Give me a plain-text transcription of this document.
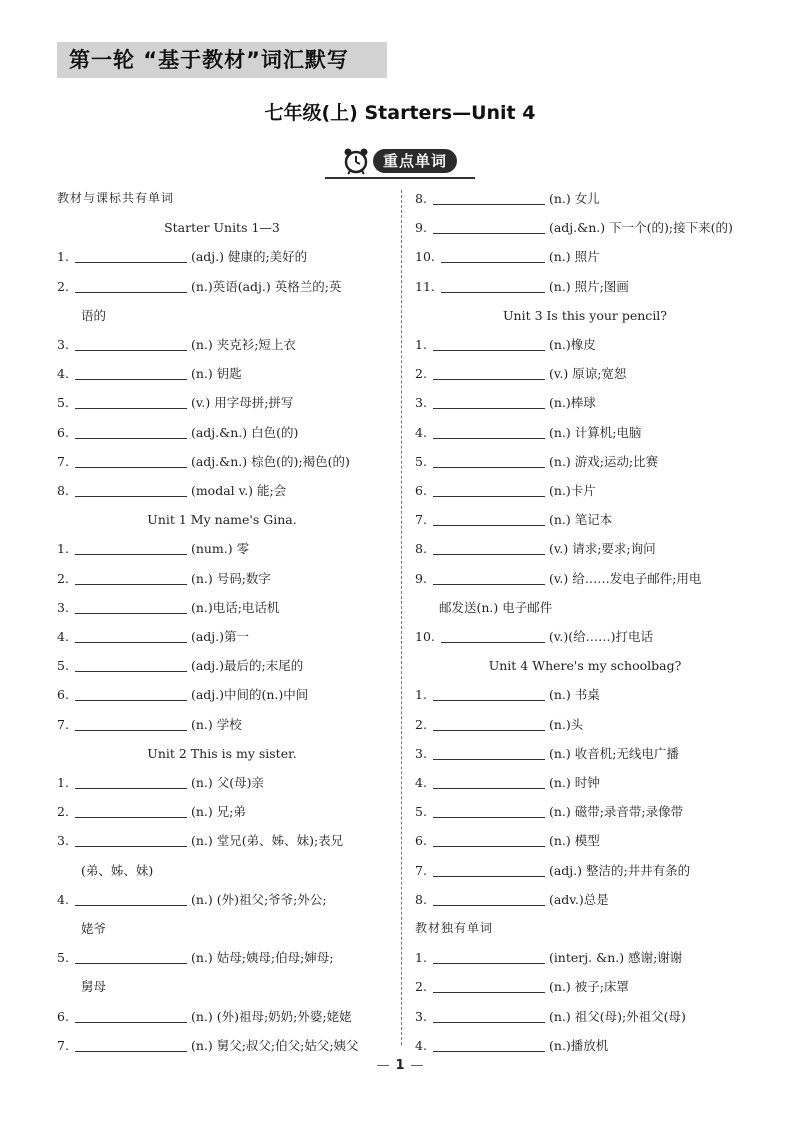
第一轮 “基于教材”词汇默写
七年级(上) Starters—Unit 4
重点单词
教材与课标共有单词
Starter Units 1—3
1.	(adj.) 健康的;美好的
2.	(n.)英语(adj.) 英格兰的;英
语的
3.	(n.) 夹克衫;短上衣
4.	(n.) 钥匙
5.	(v.) 用字母拼;拼写
6.	(adj.&n.) 白色(的)
7.	(adj.&n.) 棕色(的);褐色(的)
8.	(modal v.) 能;会
Unit 1 My name's Gina.
1.	(num.) 零
2.	(n.) 号码;数字
3.	(n.)电话;电话机
4.	(adj.)第一
5.	(adj.)最后的;末尾的
6.	(adj.)中间的(n.)中间
7.	(n.) 学校
Unit 2 This is my sister.
1.	(n.) 父(母)亲
2.	(n.) 兄;弟
3.	(n.) 堂兄(弟、姊、妹);表兄
(弟、姊、妹)
4.	(n.) (外)祖父;爷爷;外公;
姥爷
5.	(n.) 姑母;姨母;伯母;婶母;
舅母
6.	(n.) (外)祖母;奶奶;外婆;姥姥
7.	(n.) 舅父;叔父;伯父;姑父;姨父
8.	(n.) 女儿
9.	(adj.&n.) 下一个(的);接下来(的)
10.	(n.) 照片
11.	(n.) 照片;图画
Unit 3 Is this your pencil?
1.	(n.)橡皮
2.	(v.) 原谅;宽恕
3.	(n.)棒球
4.	(n.) 计算机;电脑
5.	(n.) 游戏;运动;比赛
6.	(n.)卡片
7.	(n.) 笔记本
8.	(v.) 请求;要求;询问
9.	(v.) 给……发电子邮件;用电
邮发送(n.) 电子邮件
10.	(v.)(给……)打电话
Unit 4 Where's my schoolbag?
1.	(n.) 书桌
2.	(n.)头
3.	(n.) 收音机;无线电广播
4.	(n.) 时钟
5.	(n.) 磁带;录音带;录像带
6.	(n.) 模型
7.	(adj.) 整洁的;井井有条的
8.	(adv.)总是
教材独有单词
1.	(interj. &n.) 感谢;谢谢
2.	(n.) 被子;床罩
3.	(n.) 祖父(母);外祖父(母)
4.	(n.)播放机
— 1 —
